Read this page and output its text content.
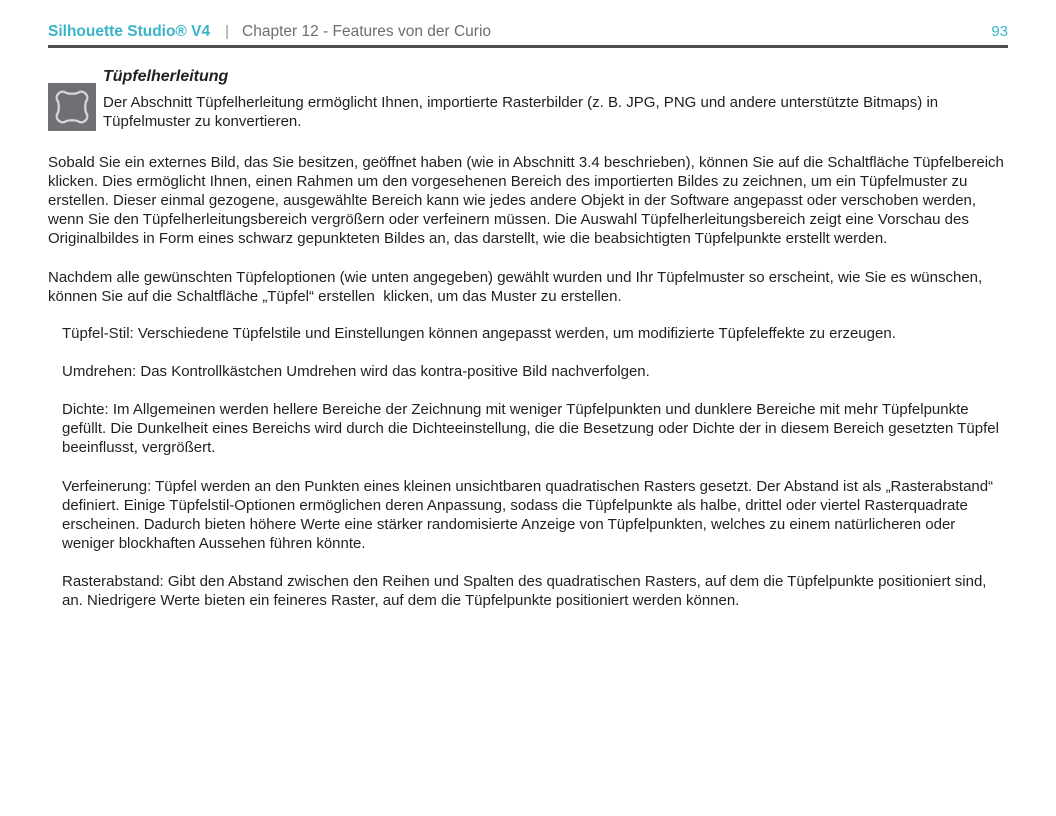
Silhouette Studio® V4 | Chapter 12 - Features von der Curio	93
Tüpfelherleitung

Der Abschnitt Tüpfelherleitung ermöglicht Ihnen, importierte Rasterbilder (z. B. JPG, PNG und andere unterstützte Bitmaps) in Tüpfelmuster zu konvertieren.

Sobald Sie ein externes Bild, das Sie besitzen, geöffnet haben (wie in Abschnitt 3.4 beschrieben), können Sie auf die Schaltfläche Tüpfelbereich klicken. Dies ermöglicht Ihnen, einen Rahmen um den vorgesehenen Bereich des importierten Bildes zu zeichnen, um ein Tüpfelmuster zu erstellen. Dieser einmal gezogene, ausgewählte Bereich kann wie jedes andere Objekt in der Software angepasst oder verschoben werden, wenn Sie den Tüpfelherleitungsbereich vergrößern oder verfeinern müssen. Die Auswahl Tüpfelherleitungsbereich zeigt eine Vorschau des Originalbildes in Form eines schwarz gepunkteten Bildes an, das darstellt, wie die beabsichtigten Tüpfelpunkte erstellt werden.

Nachdem alle gewünschten Tüpfeloptionen (wie unten angegeben) gewählt wurden und Ihr Tüpfelmuster so erscheint, wie Sie es wünschen, können Sie auf die Schaltfläche „Tüpfel“ erstellen  klicken, um das Muster zu erstellen.

Tüpfel-Stil: Verschiedene Tüpfelstile und Einstellungen können angepasst werden, um modifizierte Tüpfeleffekte zu erzeugen.

Umdrehen: Das Kontrollkästchen Umdrehen wird das kontra-positive Bild nachverfolgen.

Dichte: Im Allgemeinen werden hellere Bereiche der Zeichnung mit weniger Tüpfelpunkten und dunklere Bereiche mit mehr Tüpfelpunkte gefüllt. Die Dunkelheit eines Bereichs wird durch die Dichteeinstellung, die die Besetzung oder Dichte der in diesem Bereich gesetzten Tüpfel beeinflusst, vergrößert.

Verfeinerung: Tüpfel werden an den Punkten eines kleinen unsichtbaren quadratischen Rasters gesetzt. Der Abstand ist als „Rasterabstand“ definiert. Einige Tüpfelstil-Optionen ermöglichen deren Anpassung, sodass die Tüpfelpunkte als halbe, drittel oder viertel Rasterquadrate erscheinen. Dadurch bieten höhere Werte eine stärker randomisierte Anzeige von Tüpfelpunkten, welches zu einem natürlicheren oder weniger blockhaften Aussehen führen könnte.

Rasterabstand: Gibt den Abstand zwischen den Reihen und Spalten des quadratischen Rasters, auf dem die Tüpfelpunkte positioniert sind, an. Niedrigere Werte bieten ein feineres Raster, auf dem die Tüpfelpunkte positioniert werden können.
